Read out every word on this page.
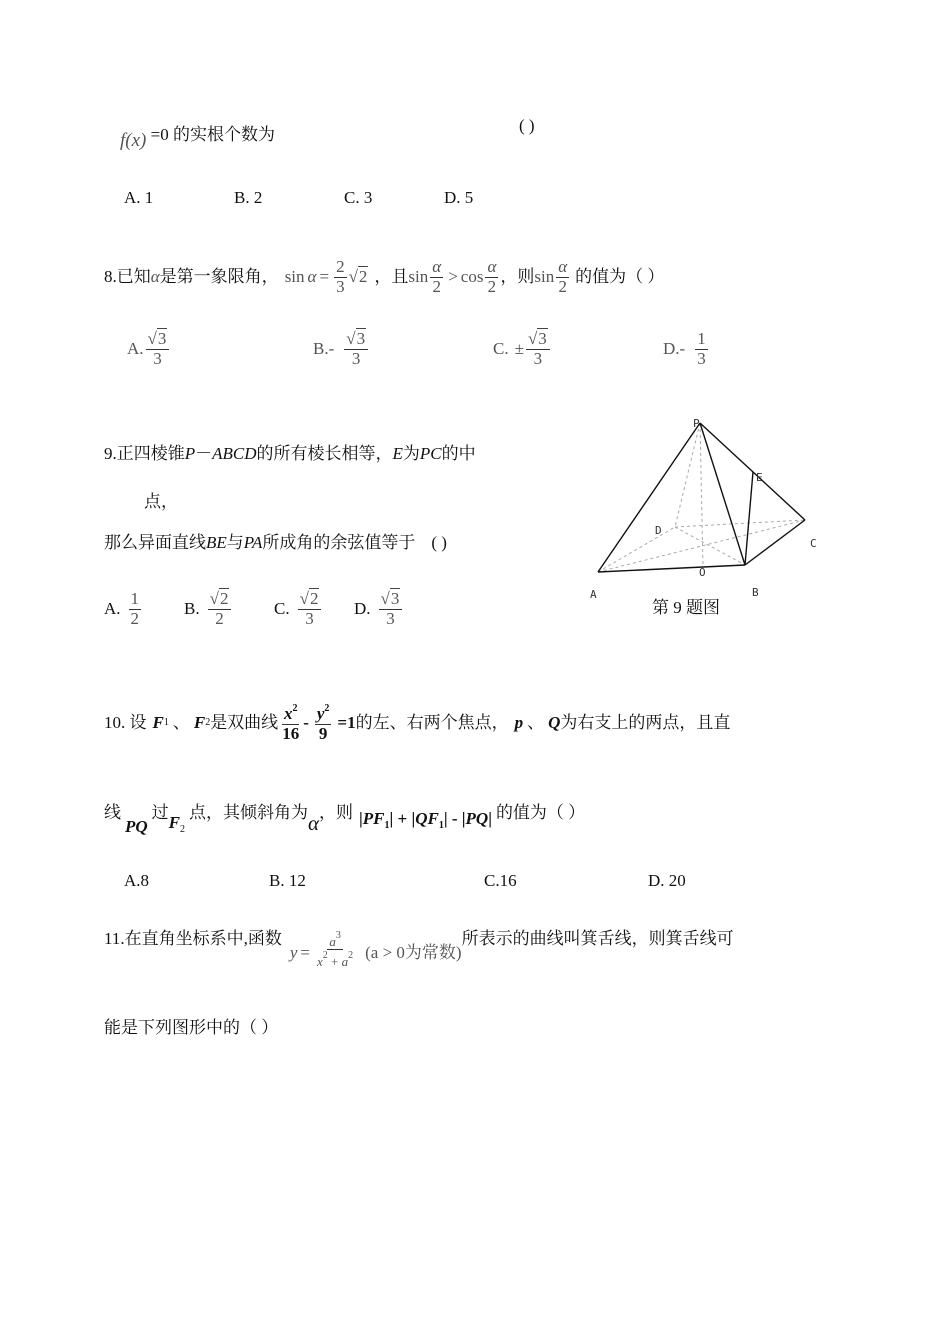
f(x) =0 的实根个数为	( )
A. 1	B. 2	C. 3	D. 5
8.已知 α 是第一象限角， $\sin \alpha = \frac{2}{3} √2$ ，且 $\sin \frac{\alpha}{2} > \cos \frac{\alpha}{2}$ ，则 $\sin \frac{\alpha}{2}$ 的值为（ ）
A. $\frac{√3}{3}$	$B.- \frac{√3}{3}$	C. ± $\frac{√3}{3}$	$D.- \frac{1}{3}$
9.正四棱锥P－ABCD的所有棱长相等，E为PC的中
点，
那么异面直线BE与PA所成角的余弦值等于 ( )
A. $\frac{1}{2}$	B. $\frac{√2}{2}$	C. $\frac{√2}{3} D$. $\frac{√3}{3}$
P
E
D
C
O
A	B
第 9 题图
10. 设 F 1 、 F 2 是双曲线 $\frac{x^2}{16} - \frac{y^2}{9} =1$ 的左、右两个焦点， p 、 Q 为右支上的两点，且直
线
PQ
过
$F_2$
点，其倾斜角为 α ，则 $|PF_1| + |QF_1| - |PQ|$ 的值为（ ）
A.8	B. 12	C.16	D. 20
11.在直角坐标系中,函数
$y = \frac{a^3}{x^2 + a^2} (a > 0$为常数)
所表示的曲线叫箕舌线，则箕舌线可
能是下列图形中的（ ）
